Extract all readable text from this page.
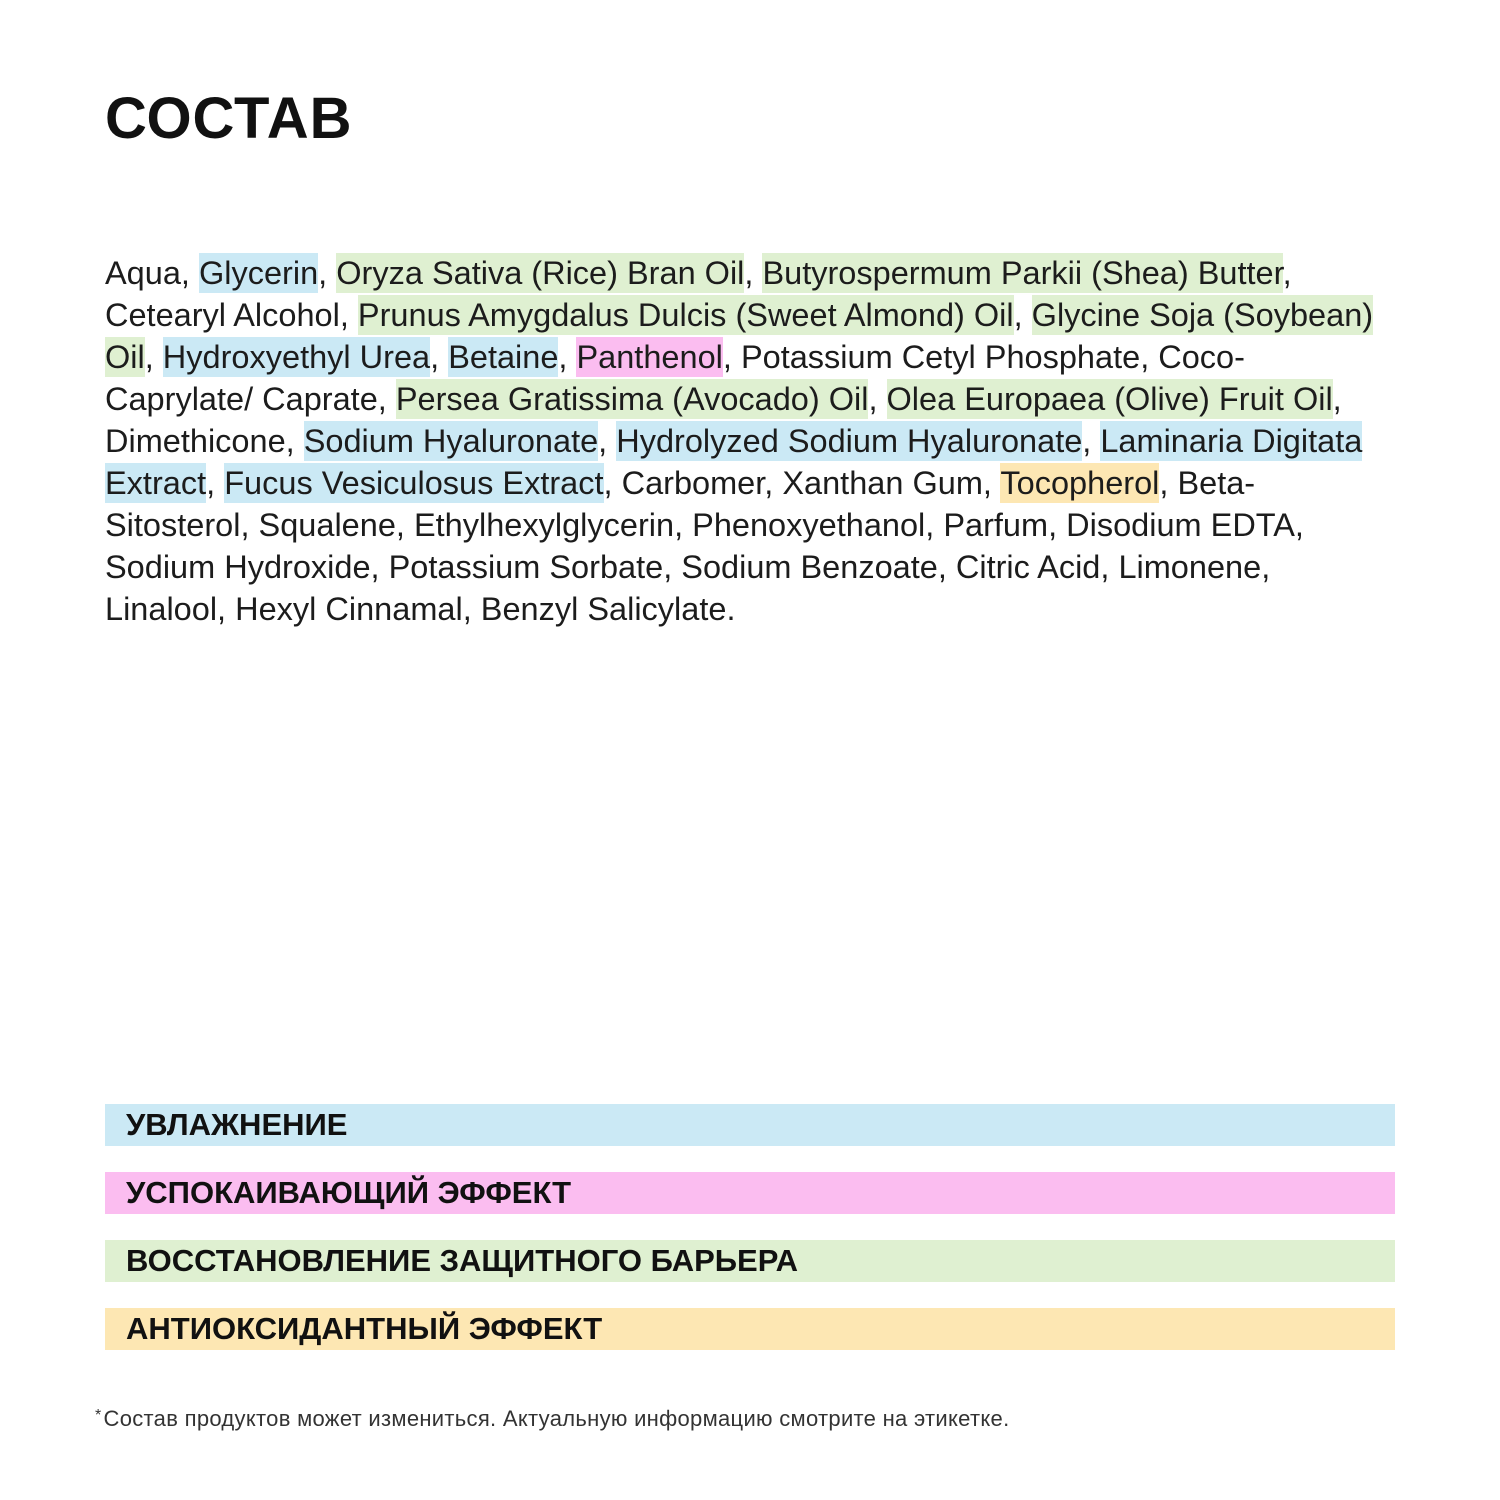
СОСТАВ

Aqua, Glycerin, Oryza Sativa (Rice) Bran Oil, Butyrospermum Parkii (Shea) Butter, Cetearyl Alcohol, Prunus Amygdalus Dulcis (Sweet Almond) Oil, Glycine Soja (Soybean) Oil, Hydroxyethyl Urea, Betaine, Panthenol, Potassium Cetyl Phosphate, Coco-Caprylate/ Caprate, Persea Gratissima (Avocado) Oil, Olea Europaea (Olive) Fruit Oil, Dimethicone, Sodium Hyaluronate, Hydrolyzed Sodium Hyaluronate, Laminaria Digitata Extract, Fucus Vesiculosus Extract, Carbomer, Xanthan Gum, Tocopherol, Beta-Sitosterol, Squalene, Ethylhexylglycerin, Phenoxyethanol, Parfum, Disodium EDTA, Sodium Hydroxide, Potassium Sorbate, Sodium Benzoate, Citric Acid, Limonene, Linalool, Hexyl Cinnamal, Benzyl Salicylate.

УВЛАЖНЕНИЕ
УСПОКАИВАЮЩИЙ ЭФФЕКТ
ВОССТАНОВЛЕНИЕ ЗАЩИТНОГО БАРЬЕРА
АНТИОКСИДАНТНЫЙ ЭФФЕКТ
*Состав продуктов может измениться. Актуальную информацию смотрите на этикетке.
